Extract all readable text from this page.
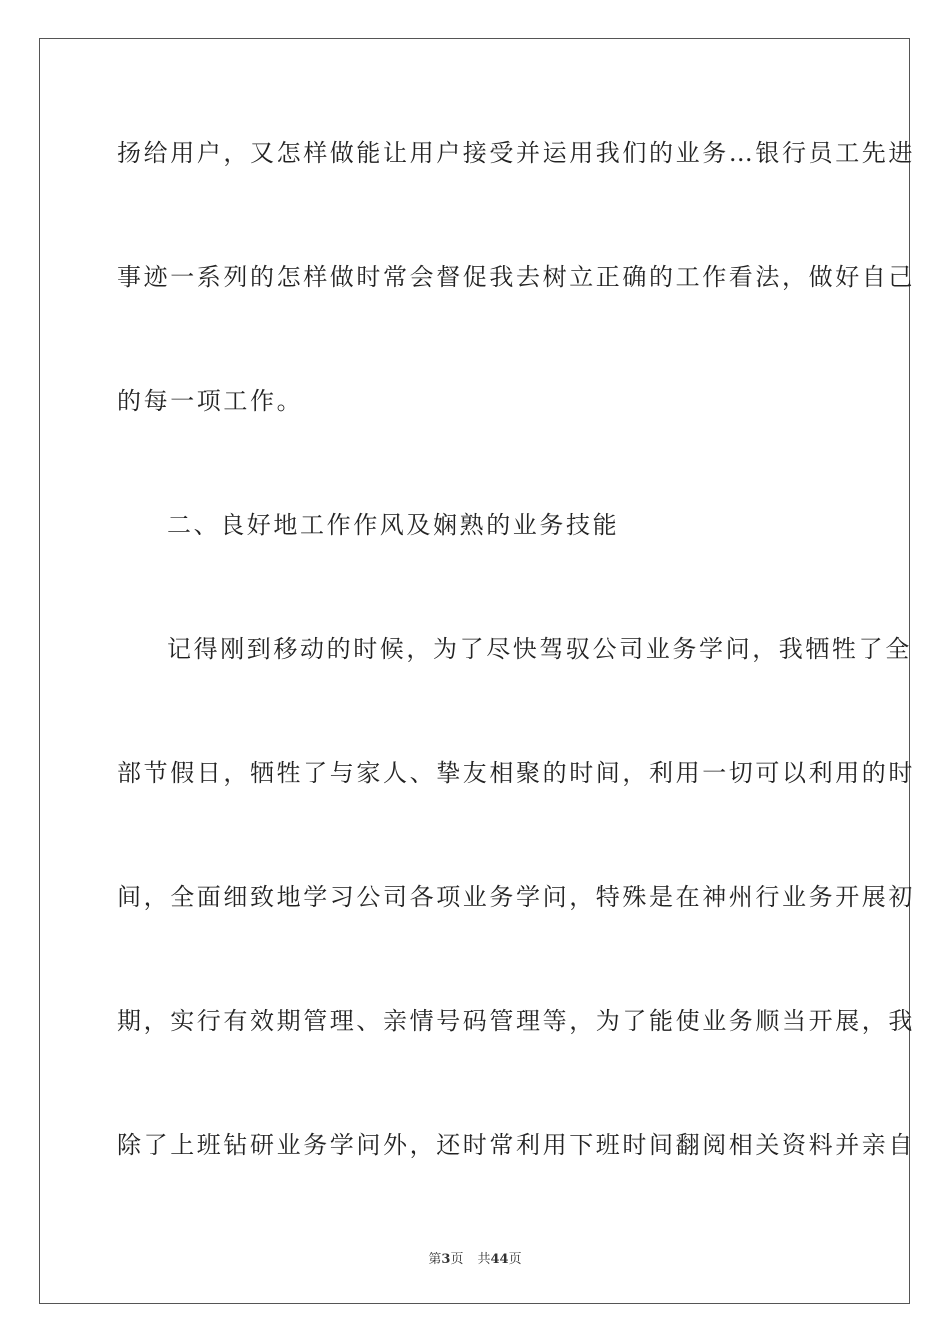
扬给用户，又怎样做能让用户接受并运用我们的业务…银行员工先进
事迹一系列的怎样做时常会督促我去树立正确的工作看法，做好自己
的每一项工作。
二、良好地工作作风及娴熟的业务技能
记得刚到移动的时候，为了尽快驾驭公司业务学问，我牺牲了全
部节假日，牺牲了与家人、挚友相聚的时间，利用一切可以利用的时
间，全面细致地学习公司各项业务学问，特殊是在神州行业务开展初
期，实行有效期管理、亲情号码管理等，为了能使业务顺当开展，我
除了上班钻研业务学问外，还时常利用下班时间翻阅相关资料并亲自
第3页 共44页
